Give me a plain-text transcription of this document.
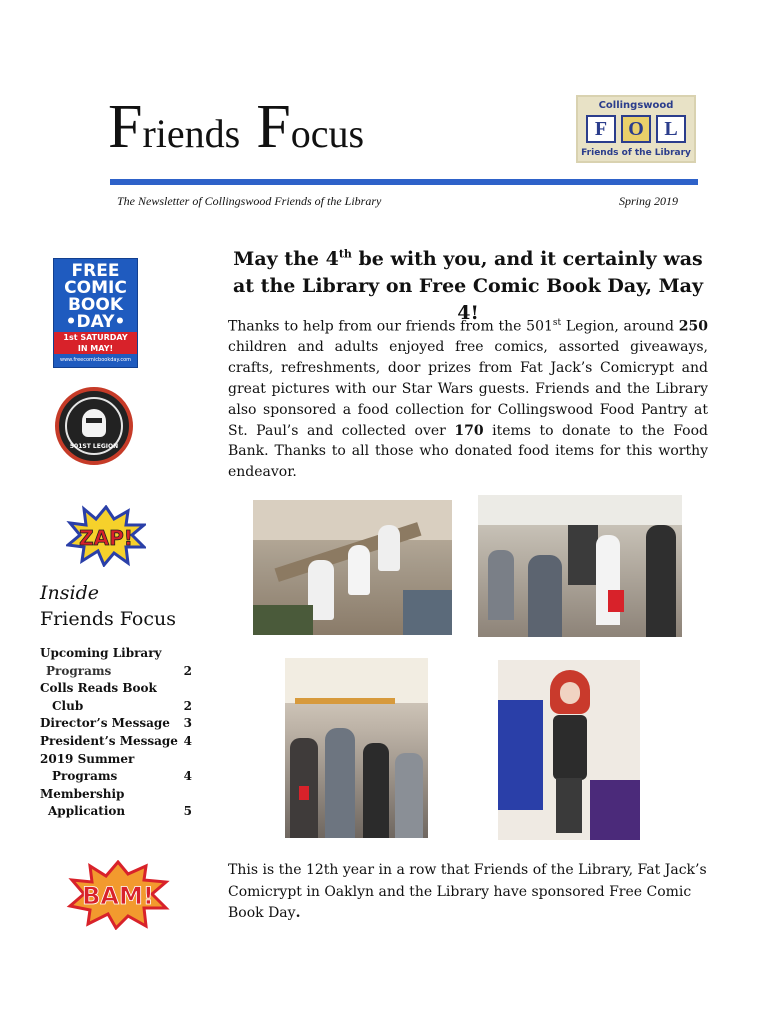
Friends Focus
Collingswood
F	O	L
Friends of the Library
The Newsletter of Collingswood Friends of the Library	Spring 2019
FREE
COMIC
BOOK
•DAY•
1st SATURDAY
IN MAY!
www.freecomicbookday.com
501ST LEGION
ZAP!
BAM!
Inside
Friends Focus
Upcoming Library
Programs	2
Colls Reads Book
Club	2
Director’s Message 3
President’s Message 4
2019 Summer
Programs	4
Membership
Application	5
May the 4th be with you, and it certainly was at the Library on Free Comic Book Day, May 4!
Thanks to help from our friends from the 501st Legion, around 250 children and adults enjoyed free comics, assorted giveaways, crafts, refreshments, door prizes from Fat Jack’s Comicrypt and great pictures with our Star Wars guests. Friends and the Library also sponsored a food collection for Collingswood Food Pantry at St. Paul’s and collected over 170 items to donate to the Food Bank. Thanks to all those who donated food items for this worthy endeavor.
This is the 12th year in a row that Friends of the Library, Fat Jack’s Comicrypt in Oaklyn and the Library have sponsored Free Comic Book Day.
